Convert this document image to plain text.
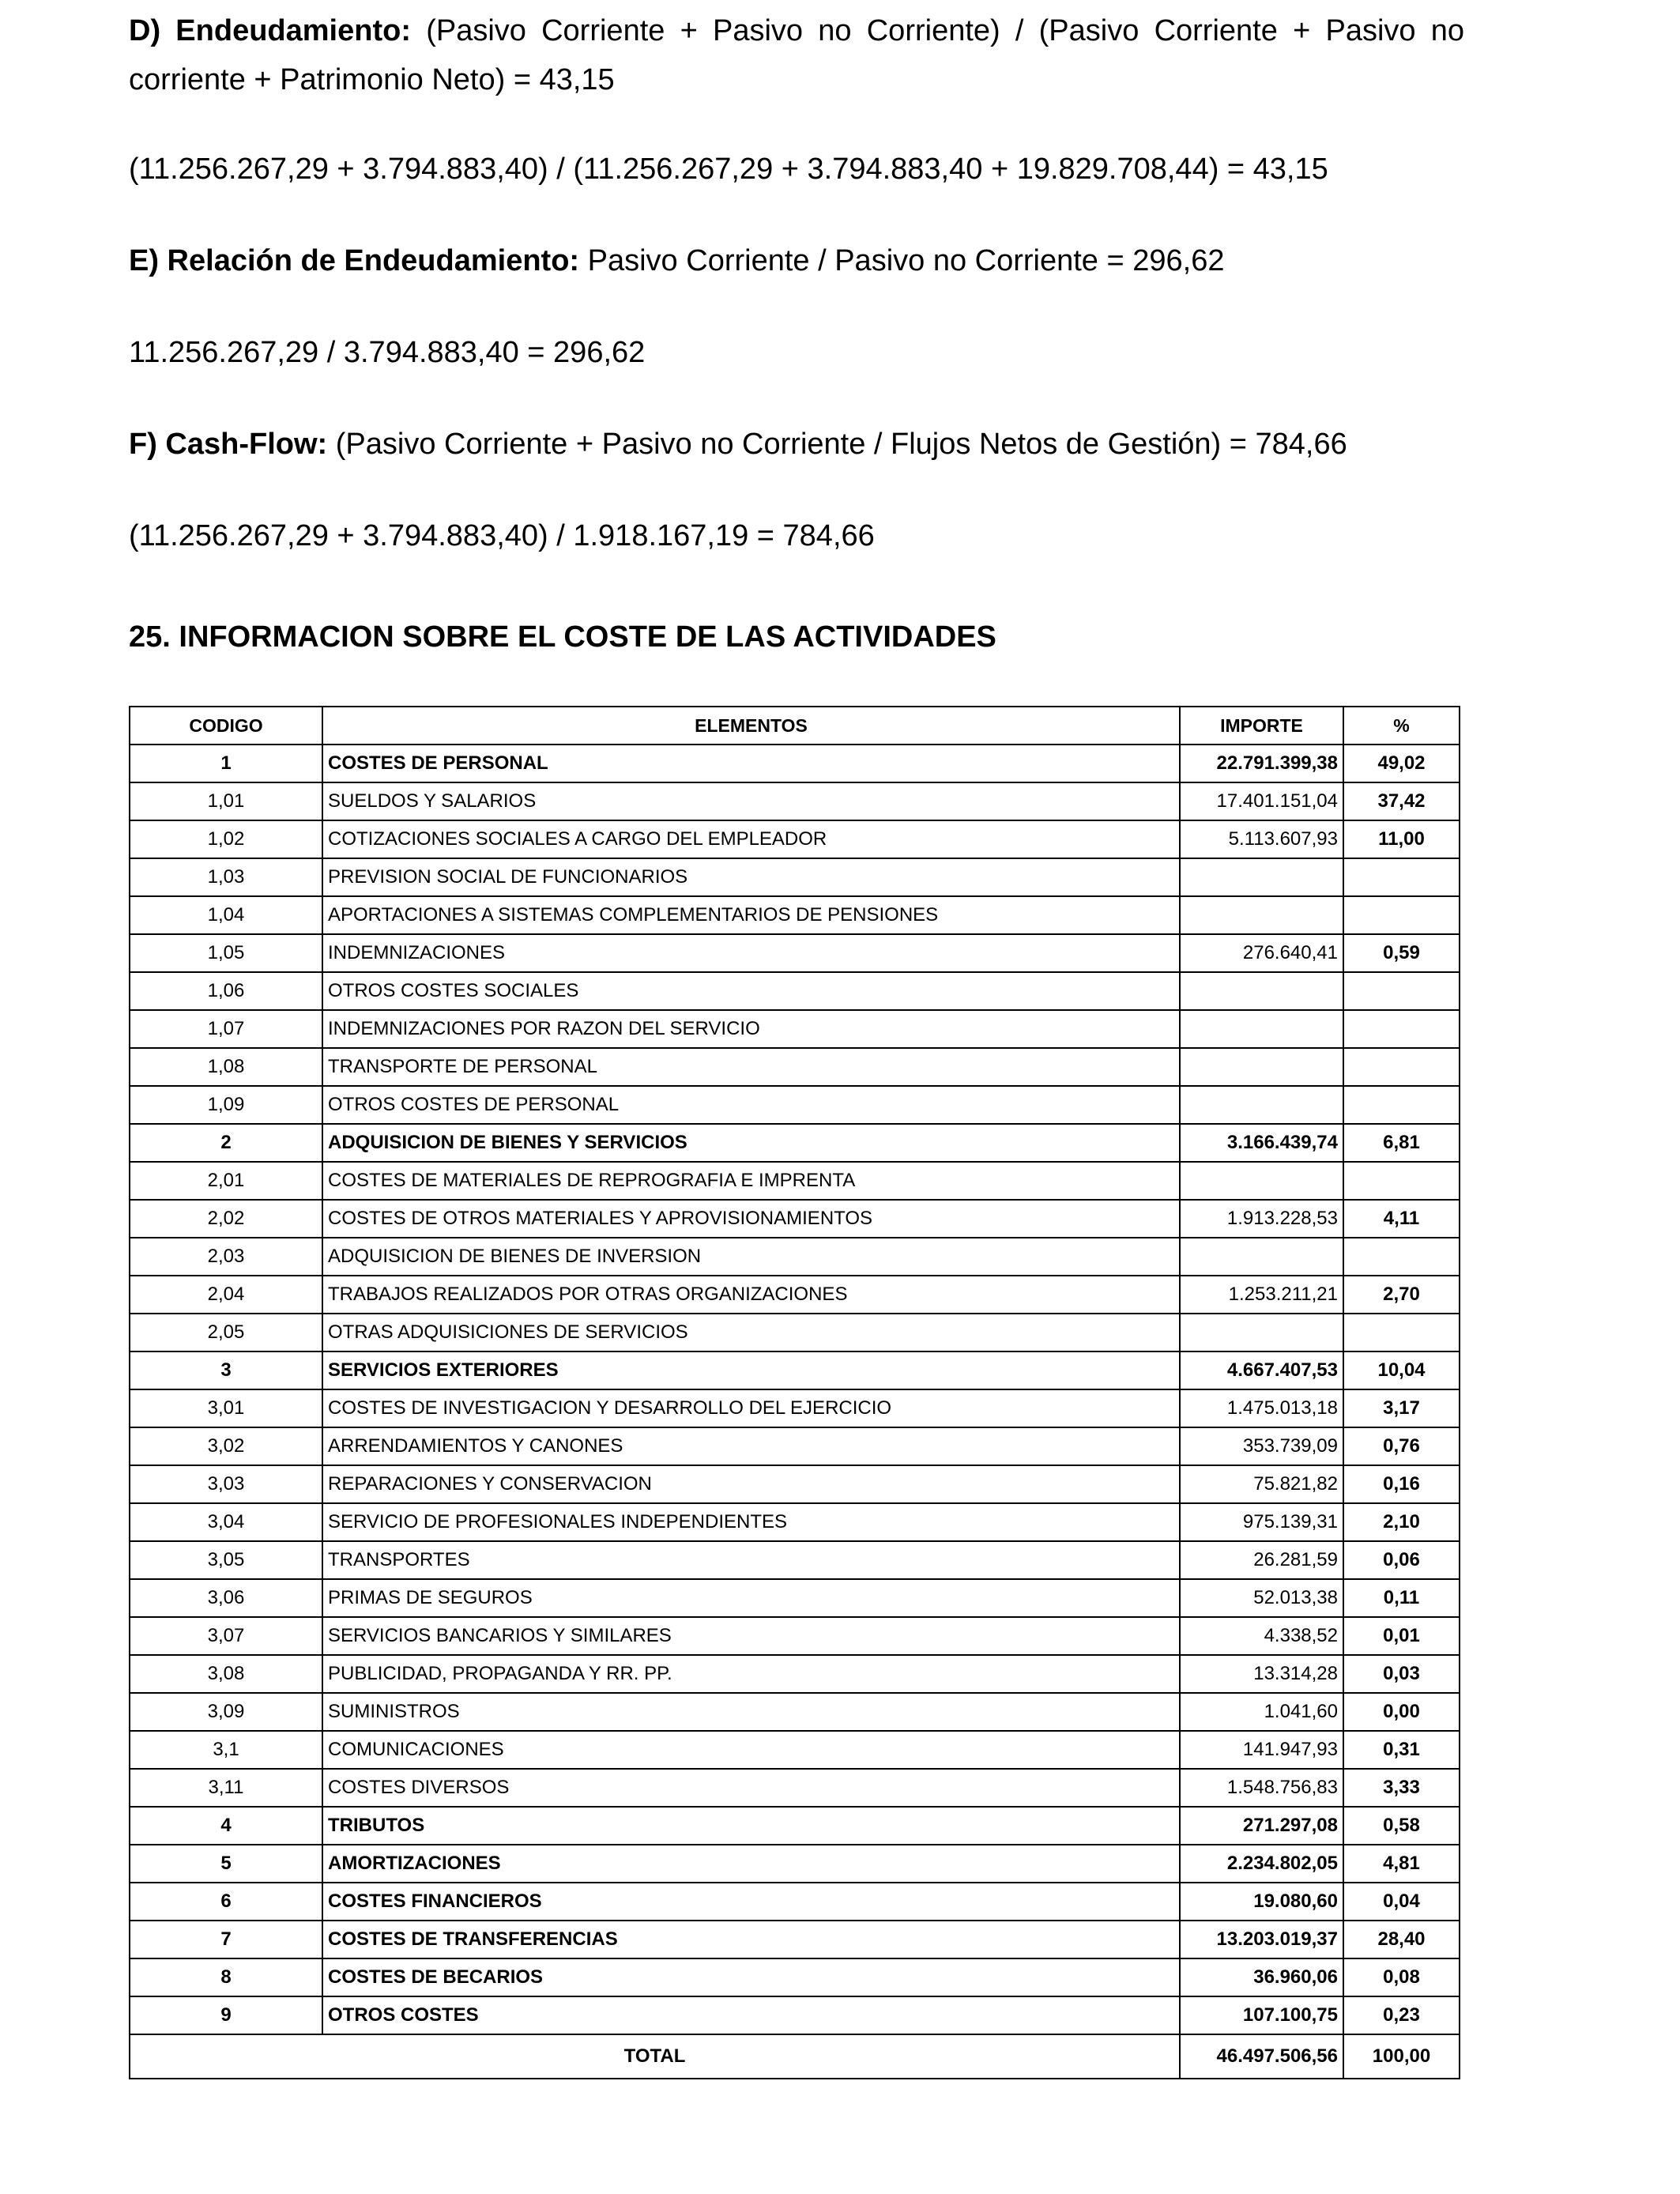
D) Endeudamiento: (Pasivo Corriente + Pasivo no Corriente) / (Pasivo Corriente + Pasivo no corriente + Patrimonio Neto) = 43,15

(11.256.267,29 + 3.794.883,40) / (11.256.267,29 + 3.794.883,40 + 19.829.708,44) = 43,15

E) Relación de Endeudamiento: Pasivo Corriente / Pasivo no Corriente = 296,62

11.256.267,29 / 3.794.883,40 = 296,62

F) Cash-Flow: (Pasivo Corriente + Pasivo no Corriente / Flujos Netos de Gestión) = 784,66

(11.256.267,29 + 3.794.883,40) / 1.918.167,19 = 784,66

25. INFORMACION SOBRE EL COSTE DE LAS ACTIVIDADES
CODIGO	ELEMENTOS	IMPORTE	%
1	COSTES DE PERSONAL	22.791.399,38	49,02
1,01	SUELDOS Y SALARIOS	17.401.151,04	37,42
1,02	COTIZACIONES SOCIALES A CARGO DEL EMPLEADOR	5.113.607,93	11,00
1,03	PREVISION SOCIAL DE FUNCIONARIOS		
1,04	APORTACIONES A SISTEMAS COMPLEMENTARIOS DE PENSIONES		
1,05	INDEMNIZACIONES	276.640,41	0,59
1,06	OTROS COSTES SOCIALES		
1,07	INDEMNIZACIONES POR RAZON DEL SERVICIO		
1,08	TRANSPORTE DE PERSONAL		
1,09	OTROS COSTES DE PERSONAL		
2	ADQUISICION DE BIENES Y SERVICIOS	3.166.439,74	6,81
2,01	COSTES DE MATERIALES DE REPROGRAFIA E IMPRENTA		
2,02	COSTES DE OTROS MATERIALES Y APROVISIONAMIENTOS	1.913.228,53	4,11
2,03	ADQUISICION DE BIENES DE INVERSION		
2,04	TRABAJOS REALIZADOS POR OTRAS ORGANIZACIONES	1.253.211,21	2,70
2,05	OTRAS ADQUISICIONES DE SERVICIOS		
3	SERVICIOS EXTERIORES	4.667.407,53	10,04
3,01	COSTES DE INVESTIGACION Y DESARROLLO DEL EJERCICIO	1.475.013,18	3,17
3,02	ARRENDAMIENTOS Y CANONES	353.739,09	0,76
3,03	REPARACIONES Y CONSERVACION	75.821,82	0,16
3,04	SERVICIO DE PROFESIONALES INDEPENDIENTES	975.139,31	2,10
3,05	TRANSPORTES	26.281,59	0,06
3,06	PRIMAS DE SEGUROS	52.013,38	0,11
3,07	SERVICIOS BANCARIOS Y SIMILARES	4.338,52	0,01
3,08	PUBLICIDAD, PROPAGANDA Y RR. PP.	13.314,28	0,03
3,09	SUMINISTROS	1.041,60	0,00
3,1	COMUNICACIONES	141.947,93	0,31
3,11	COSTES DIVERSOS	1.548.756,83	3,33
4	TRIBUTOS	271.297,08	0,58
5	AMORTIZACIONES	2.234.802,05	4,81
6	COSTES FINANCIEROS	19.080,60	0,04
7	COSTES DE TRANSFERENCIAS	13.203.019,37	28,40
8	COSTES DE BECARIOS	36.960,06	0,08
9	OTROS COSTES	107.100,75	0,23
TOTAL		46.497.506,56	100,00
